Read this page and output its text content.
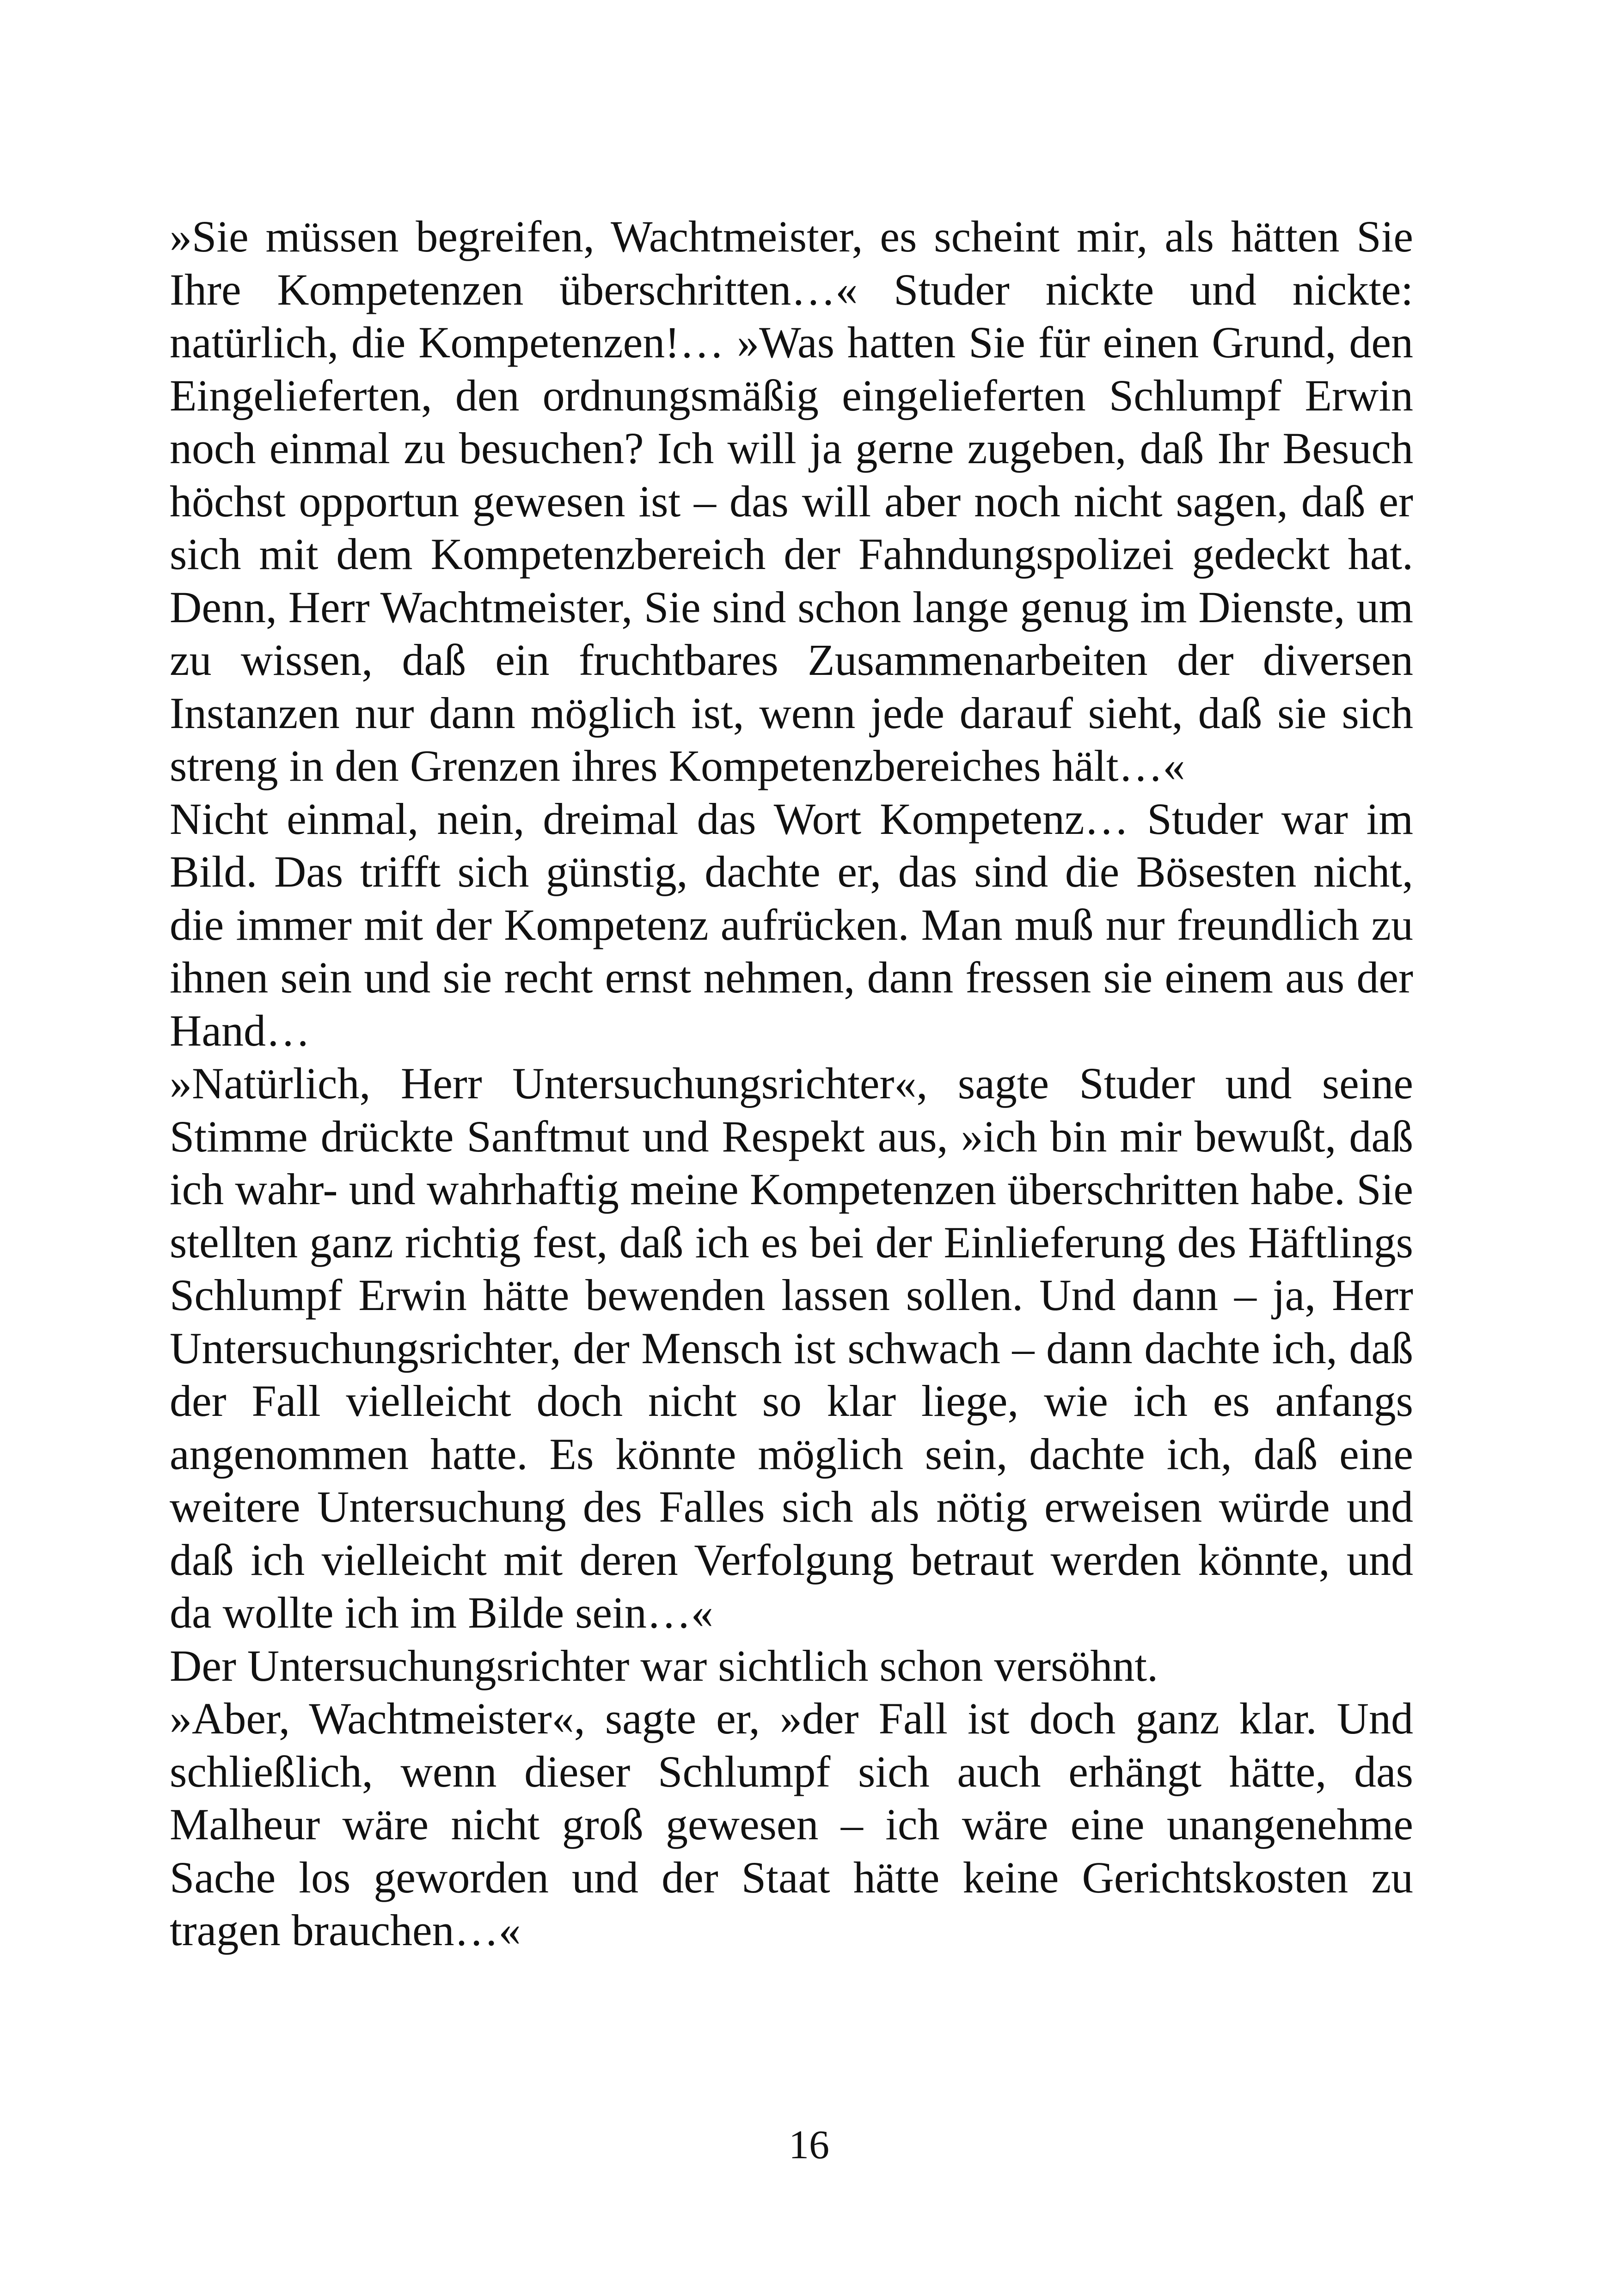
»Sie müssen begreifen, Wachtmeister, es scheint mir, als hätten Sie Ihre Kompetenzen überschritten…« Studer nickte und nickte: natürlich, die Kompetenzen!… »Was hatten Sie für einen Grund, den Eingelieferten, den ordnungsmäßig eingelieferten Schlumpf Erwin noch einmal zu besuchen? Ich will ja gerne zugeben, daß Ihr Besuch höchst opportun gewesen ist – das will aber noch nicht sagen, daß er sich mit dem Kompetenzbereich der Fahndungspolizei gedeckt hat. Denn, Herr Wachtmeister, Sie sind schon lange genug im Dienste, um zu wissen, daß ein fruchtbares Zusammenarbeiten der diversen Instanzen nur dann möglich ist, wenn jede darauf sieht, daß sie sich streng in den Grenzen ihres Kompetenzbereiches hält…«

Nicht einmal, nein, dreimal das Wort Kompetenz… Studer war im Bild. Das trifft sich günstig, dachte er, das sind die Bösesten nicht, die immer mit der Kompetenz aufrücken. Man muß nur freundlich zu ihnen sein und sie recht ernst nehmen, dann fressen sie einem aus der Hand…

»Natürlich, Herr Untersuchungsrichter«, sagte Studer und seine Stimme drückte Sanftmut und Respekt aus, »ich bin mir bewußt, daß ich wahr- und wahrhaftig meine Kompetenzen überschritten habe. Sie stellten ganz richtig fest, daß ich es bei der Einlieferung des Häftlings Schlumpf Erwin hätte bewenden lassen sollen. Und dann – ja, Herr Untersuchungsrichter, der Mensch ist schwach – dann dachte ich, daß der Fall vielleicht doch nicht so klar liege, wie ich es anfangs angenommen hatte. Es könnte möglich sein, dachte ich, daß eine weitere Untersuchung des Falles sich als nötig erweisen würde und daß ich vielleicht mit deren Verfolgung betraut werden könnte, und da wollte ich im Bilde sein…«

Der Untersuchungsrichter war sichtlich schon versöhnt.

»Aber, Wachtmeister«, sagte er, »der Fall ist doch ganz klar. Und schließlich, wenn dieser Schlumpf sich auch erhängt hätte, das Malheur wäre nicht groß gewesen – ich wäre eine unangenehme Sache los geworden und der Staat hätte keine Gerichtskosten zu tragen brauchen…«

16
